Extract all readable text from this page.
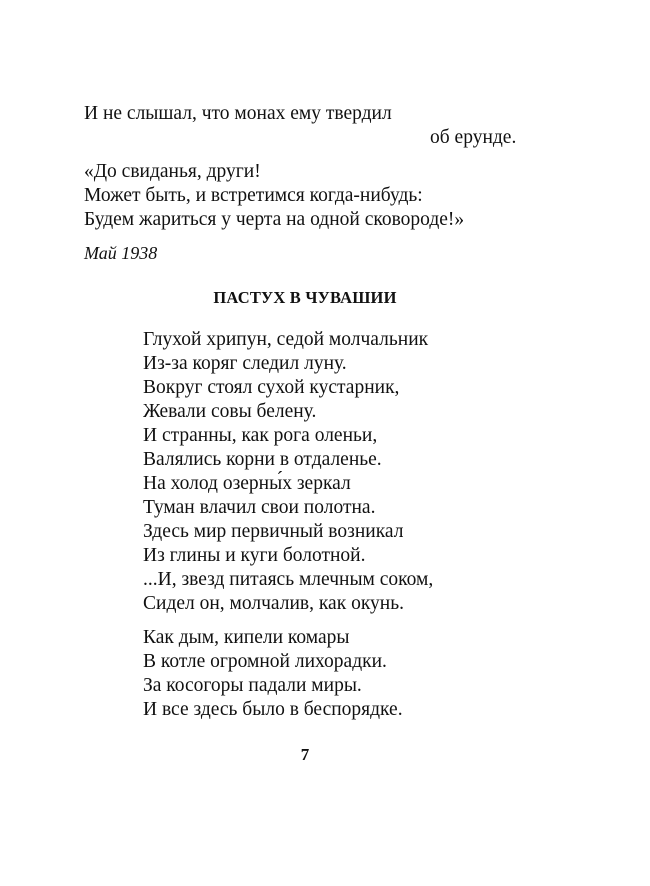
И не слышал, что монах ему твердил

об ерунде.

«До свиданья, други!

Может быть, и встретимся когда-нибудь:

Будем жариться у черта на одной сковороде!»

Май 1938

ПАСТУХ В ЧУВАШИИ

Глухой хрипун, седой молчальник

Из-за коряг следил луну.

Вокруг стоял сухой кустарник,

Жевали совы белену.

И странны, как рога оленьи,

Валялись корни в отдаленье.

На холод озерны́х зеркал

Туман влачил свои полотна.

Здесь мир первичный возникал

Из глины и куги болотной.

...И, звезд питаясь млечным соком,

Сидел он, молчалив, как окунь.

Как дым, кипели комары

В котле огромной лихорадки.

За косогоры падали миры.

И все здесь было в беспорядке.

7
